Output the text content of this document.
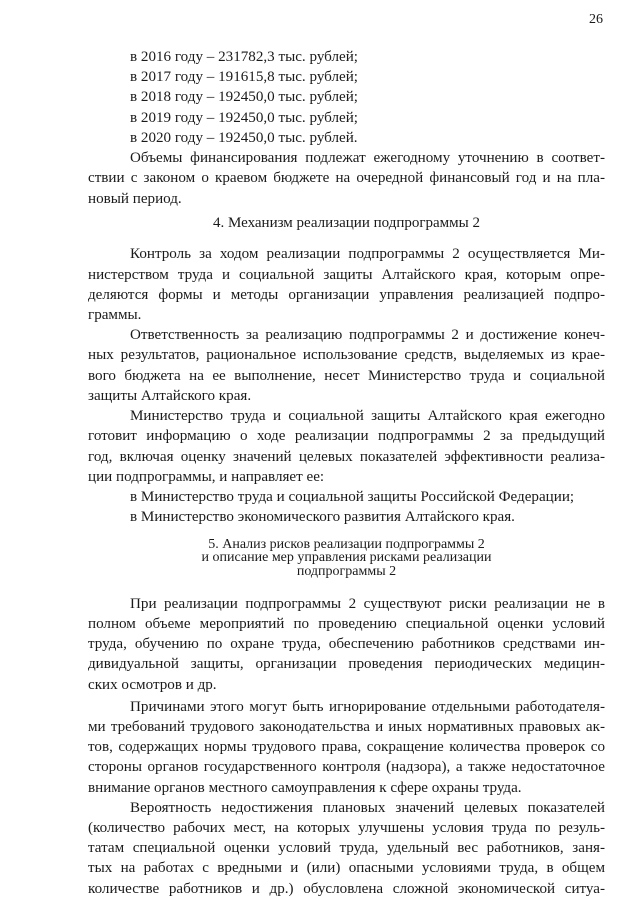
26
в 2016 году – 231782,3 тыс. рублей;
в 2017 году – 191615,8 тыс. рублей;
в 2018 году – 192450,0 тыс. рублей;
в 2019 году – 192450,0 тыс. рублей;
в 2020 году – 192450,0 тыс. рублей.
Объемы финансирования подлежат ежегодному уточнению в соответ-
ствии с законом о краевом бюджете на очередной финансовый год и на пла-
новый период.
4. Механизм реализации подпрограммы 2
Контроль за ходом реализации подпрограммы 2 осуществляется Ми-
нистерством труда и социальной защиты Алтайского края, которым опре-
деляются формы и методы организации управления реализацией подпро-
граммы.
Ответственность за реализацию подпрограммы 2 и достижение конеч-
ных результатов, рациональное использование средств, выделяемых из крае-
вого бюджета на ее выполнение, несет Министерство труда и социальной
защиты Алтайского края.
Министерство труда и социальной защиты Алтайского края ежегодно
готовит информацию о ходе реализации подпрограммы 2 за предыдущий
год, включая оценку значений целевых показателей эффективности реализа-
ции подпрограммы, и направляет ее:
в Министерство труда и социальной защиты Российской Федерации;
в Министерство экономического развития Алтайского края.
5. Анализ рисков реализации подпрограммы 2
и описание мер управления рисками реализации
подпрограммы 2
При реализации подпрограммы 2 существуют риски реализации не в
полном объеме мероприятий по проведению специальной оценки условий
труда, обучению по охране труда, обеспечению работников средствами ин-
дивидуальной защиты, организации проведения периодических медицин-
ских осмотров и др.
Причинами этого могут быть игнорирование отдельными работодателя-
ми требований трудового законодательства и иных нормативных правовых ак-
тов, содержащих нормы трудового права, сокращение количества проверок со
стороны органов государственного контроля (надзора), а также недостаточное
внимание органов местного самоуправления к сфере охраны труда.
Вероятность недостижения плановых значений целевых показателей
(количество рабочих мест, на которых улучшены условия труда по резуль-
татам специальной оценки условий труда, удельный вес работников, заня-
тых на работах с вредными и (или) опасными условиями труда, в общем
количестве работников и др.) обусловлена сложной экономической ситуа-
